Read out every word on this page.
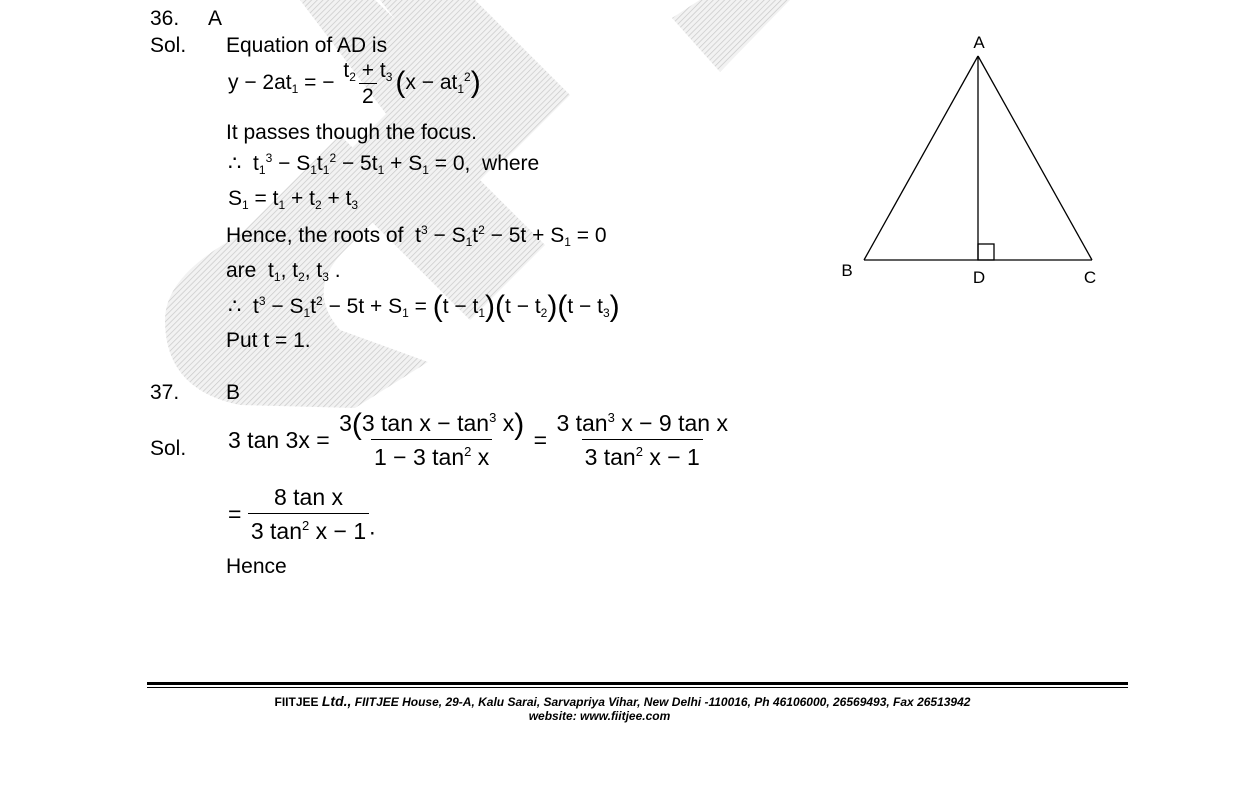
36. A
Sol. Equation of AD is
$y - 2at_1$ = − $\frac{t_2 + t_3}{2} (x - at_1^2)$
It passes though the focus.
∴  $t_1^3 - S_1t_1^2 - 5t_1 + S_1 = 0$,  where
$S_1 = t_1 + t_2 + t_3$
Hence, the roots of  $t^3 - S_1t^2 - 5t + S_1 = 0$
are  $t_1$, $t_2$, $t_3$ .
∴  $t^3 - S_1t^2 - 5t + S_1 = (t - t_1)(t - t_2)(t - t_3)$
Put t = 1.
37. B
Sol. 3 $\tan 3x = \frac{3(3 \tan x - \tan^3 x)}{1 - 3 \tan^2 x} = \frac{3 \tan^3 x - 9 \tan x}{3 \tan^2 x - 1}$
= $\frac{\text{8 tan x}}{3 \tan^2 x - 1}$ .
Hence
A
B	D	C
FIITJEE Ltd., FIITJEE House, 29-A, Kalu Sarai, Sarvapriya Vihar, New Delhi -110016, Ph 46106000, 26569493, Fax 26513942
website: www.fiitjee.com
